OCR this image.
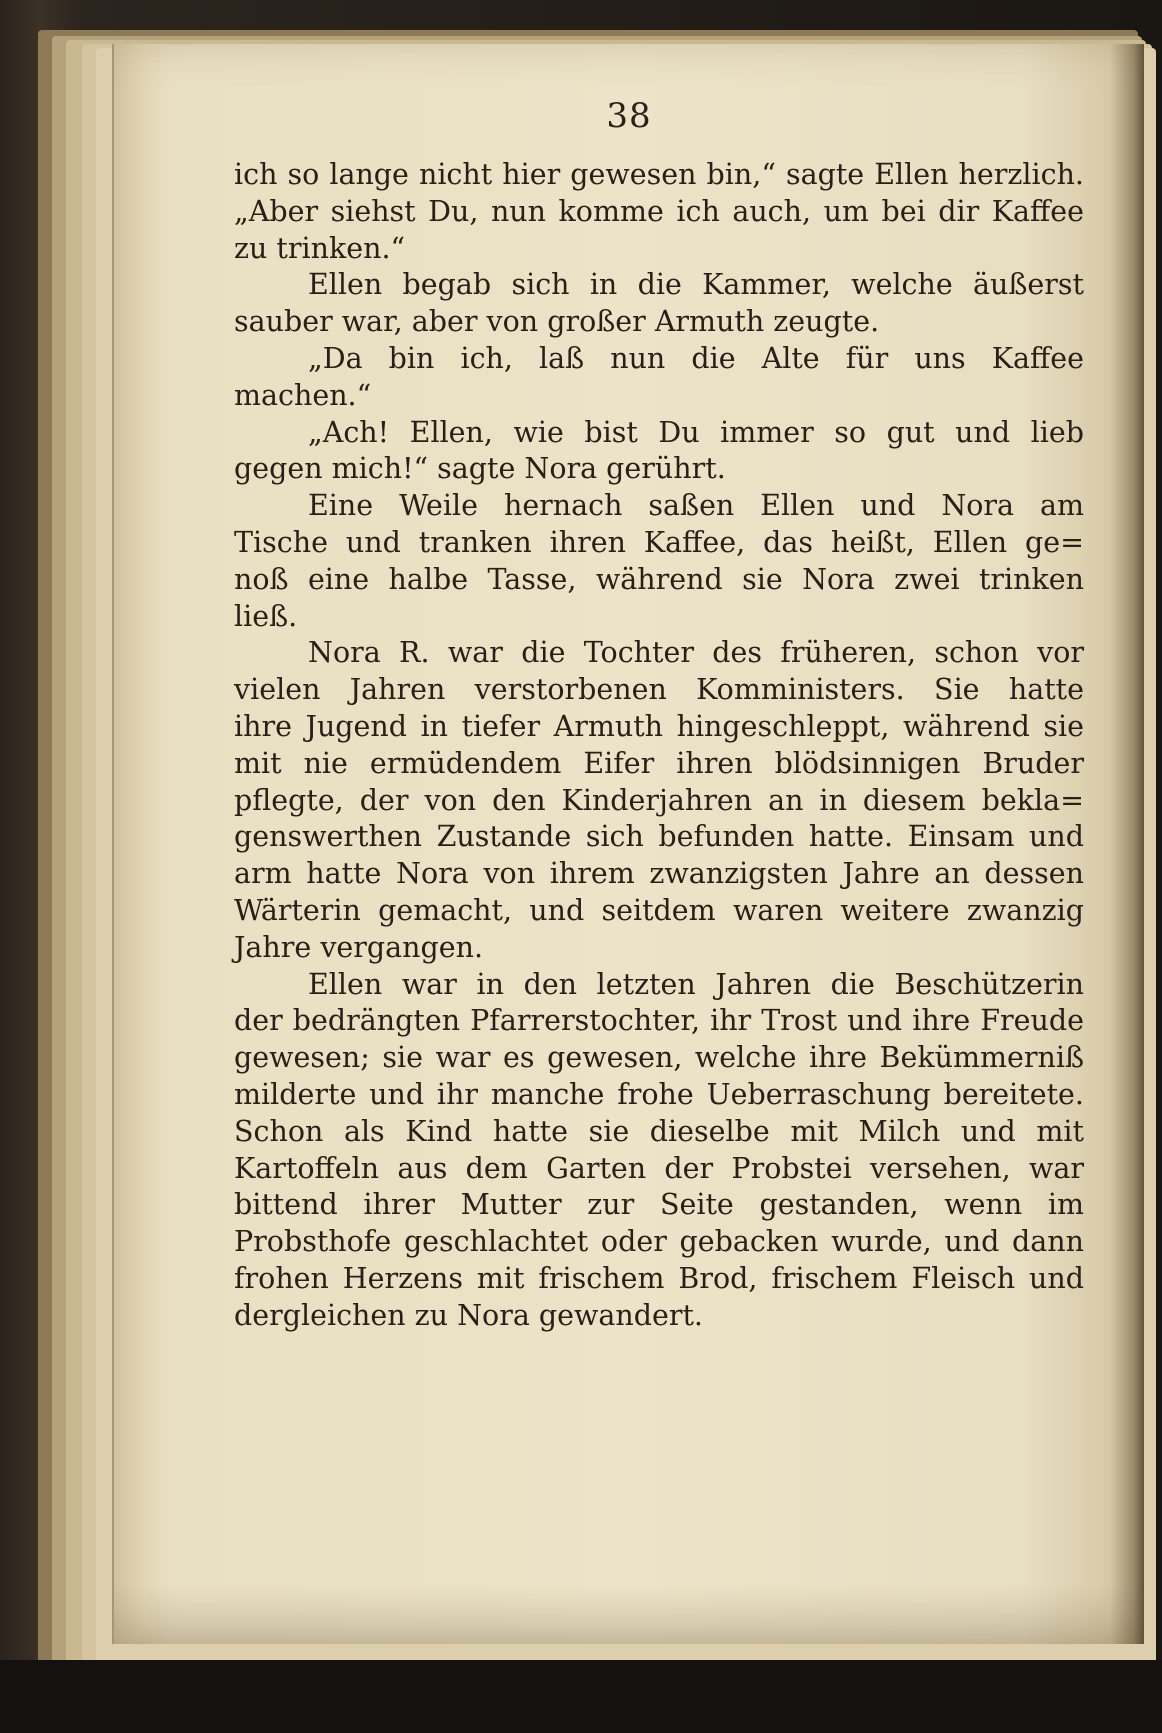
38
ich so lange nicht hier gewesen bin,“ sagte Ellen herzlich.
„Aber siehst Du, nun komme ich auch, um bei dir Kaffee
zu trinken.“
Ellen begab sich in die Kammer, welche äußerst
sauber war, aber von großer Armuth zeugte.
„Da bin ich, laß nun die Alte für uns Kaffee
machen.“
„Ach! Ellen, wie bist Du immer so gut und lieb
gegen mich!“ sagte Nora gerührt.
Eine Weile hernach saßen Ellen und Nora am
Tische und tranken ihren Kaffee, das heißt, Ellen ge=
noß eine halbe Tasse, während sie Nora zwei trinken
ließ.
Nora R. war die Tochter des früheren, schon vor
vielen Jahren verstorbenen Komministers. Sie hatte
ihre Jugend in tiefer Armuth hingeschleppt, während sie
mit nie ermüdendem Eifer ihren blödsinnigen Bruder
pflegte, der von den Kinderjahren an in diesem bekla=
genswerthen Zustande sich befunden hatte. Einsam und
arm hatte Nora von ihrem zwanzigsten Jahre an dessen
Wärterin gemacht, und seitdem waren weitere zwanzig
Jahre vergangen.
Ellen war in den letzten Jahren die Beschützerin
der bedrängten Pfarrerstochter, ihr Trost und ihre Freude
gewesen; sie war es gewesen, welche ihre Bekümmerniß
milderte und ihr manche frohe Ueberraschung bereitete.
Schon als Kind hatte sie dieselbe mit Milch und mit
Kartoffeln aus dem Garten der Probstei versehen, war
bittend ihrer Mutter zur Seite gestanden, wenn im
Probsthofe geschlachtet oder gebacken wurde, und dann
frohen Herzens mit frischem Brod, frischem Fleisch und
dergleichen zu Nora gewandert.
